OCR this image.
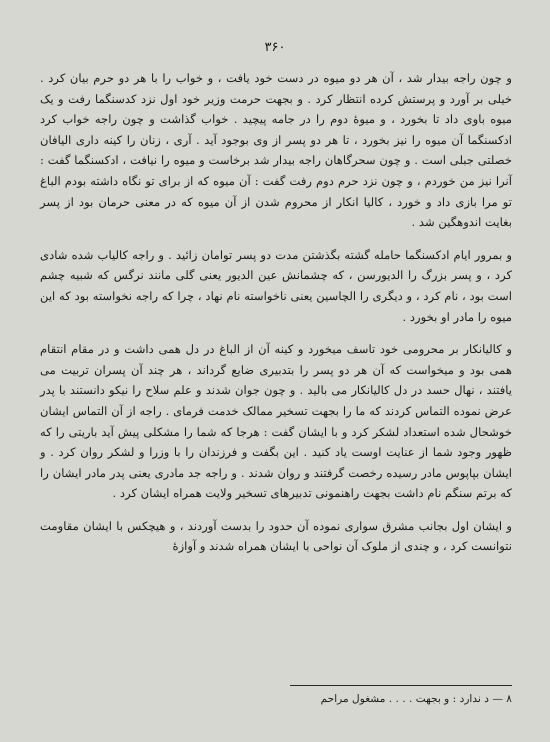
۳۶۰

و چون راجه بیدار شد ، آن هر دو میوه در دست خود یافت ، و خواب را با هر دو حرم بیان کرد . خیلی بر آورد و پرستش کرده انتظار کرد . و بجهت حرمت وزیر خود اول نزد کدسنگما رفت و یک میوه باوی داد تا بخورد ، و میوهٔ دوم را در جامه پیچید . خواب گذاشت و چون راجه خواب کرد ادکسنگما آن میوه را نیز بخورد ، تا هر دو پسر از وی بوجود آید . آری ، زنان را کینه داری الیافان خصلتی جبلی است . و چون سحرگاهان راجه بیدار شد برخاست و میوه را نیافت ، ادکسنگما گفت : آنرا نیز من خوردم ، و چون نزد حرم دوم رفت گفت : آن میوه که از برای تو نگاه داشته بودم الباغ تو مرا بازی داد و خورد ، کالیا انکار از محروم شدن از آن میوه که در معنی حرمان بود از پسر بغایت اندوهگین شد .

و بمرور ایام ادکسنگما حامله گشته بگذشتن مدت دو پسر توامان زائید . و راجه کالیاب شده شادی کرد ، و پسر بزرگ را الدیورسن ، که چشمانش عین الدیور یعنی گلی مانند نرگس که شبیه چشم است بود ، نام کرد ، و دیگری را الچاسین یعنی ناخواسته نام نهاد ، چرا که راجه نخواسته بود که این میوه را مادر او بخورد .

و کالیانکار بر محرومی خود تاسف میخورد و کینه آن از الباغ در دل همی داشت و در مقام انتقام همی بود و میخواست که آن هر دو پسر را بتدبیری ضایع گرداند ، هر چند آن پسران تربیت می یافتند ، نهال حسد در دل کالیانکار می بالید . و چون جوان شدند و علم سلاح را نیکو دانستند با پدر عرض نموده التماس کردند که ما را بجهت تسخیر ممالک خدمت فرمای . راجه از آن التماس ایشان خوشحال شده استعداد لشکر کرد و با ایشان گفت : هرجا که شما را مشکلی پیش آید باریتی را که ظهور وجود شما از عنایت اوست یاد کنید . این بگفت و فرزندان را با وزرا و لشکر روان کرد . و ایشان بپاپوس مادر رسیده رخصت گرفتند و روان شدند . و راجه جد مادری یعنی پدر مادر ایشان را که برتم سنگم نام داشت بجهت راهنمونی تدبیرهای تسخیر ولایت همراه ایشان کرد .

و ایشان اول بجانب مشرق سواری نموده آن حدود را بدست آوردند ، و هیچکس با ایشان مقاومت نتوانست کرد ، و چندی از ملوک آن نواحی با ایشان همراه شدند و آوازهٔ

۸ — د ندارد : و بجهت . . . . مشغول مراحم
